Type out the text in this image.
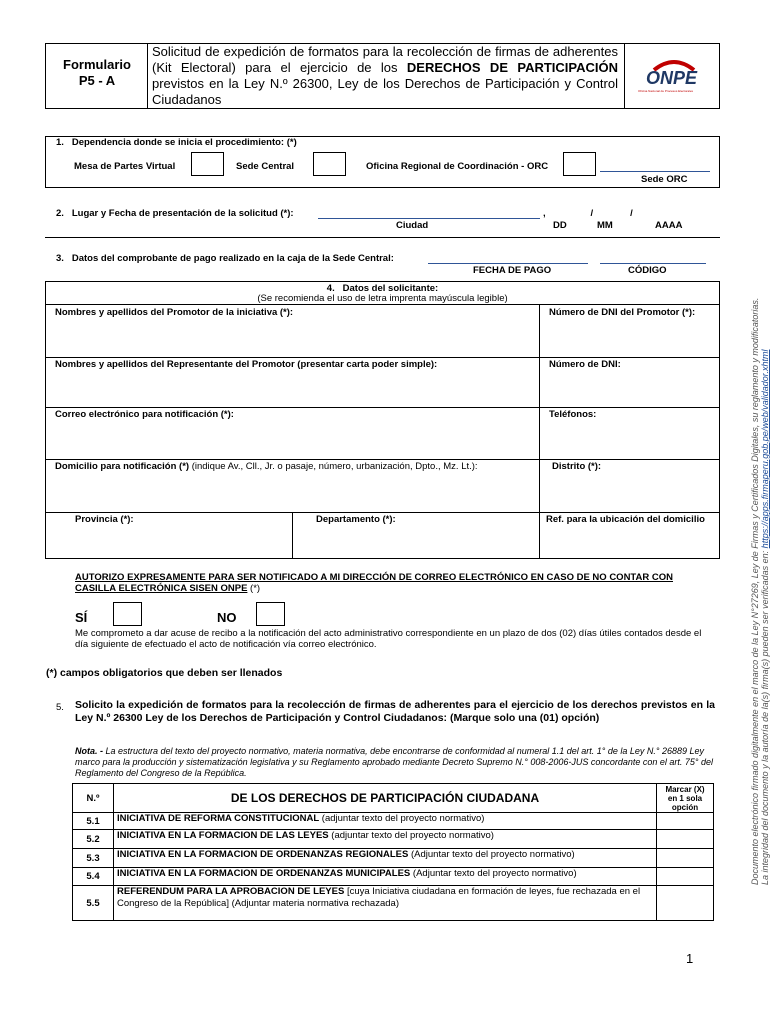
Formulario
P5 - A
Solicitud de expedición de formatos para la recolección de firmas de adherentes (Kit Electoral) para el ejercicio de los DERECHOS DE PARTICIPACIÓN previstos en la Ley N.º 26300, Ley de los Derechos de Participación y Control Ciudadanos
ONPE
Oficina Nacional de Procesos Electorales
1. Dependencia donde se inicia el procedimiento: (*)
Mesa de Partes Virtual	Sede Central	Oficina Regional de Coordinación - ORC
Sede ORC
2. Lugar y Fecha de presentación de la solicitud (*):	,                 /              /
Ciudad	DD	MM	AAAA
3. Datos del comprobante de pago realizado en la caja de la Sede Central:
FECHA DE PAGO	CÓDIGO
4. Datos del solicitante:
(Se recomienda el uso de letra imprenta mayúscula legible)
Nombres y apellidos del Promotor de la iniciativa (*):	Número de DNI del Promotor (*):
Nombres y apellidos del Representante del Promotor (presentar carta poder simple):	Número de DNI:
Correo electrónico para notificación (*):	Teléfonos:
Domicilio para notificación (*) (indique Av., Cll., Jr. o pasaje, número, urbanización, Dpto., Mz. Lt.):	Distrito (*):
Provincia (*):	Departamento (*):	Ref. para la ubicación del domicilio
AUTORIZO EXPRESAMENTE PARA SER NOTIFICADO A MI DIRECCIÓN DE CORREO ELECTRÓNICO EN CASO DE NO CONTAR CON CASILLA ELECTRÓNICA SISEN ONPE (*)
SÍ	NO
Me comprometo a dar acuse de recibo a la notificación del acto administrativo correspondiente en un plazo de dos (02) días útiles contados desde el día siguiente de efectuado el acto de notificación vía correo electrónico.
(*) campos obligatorios que deben ser llenados
5. Solicito la expedición de formatos para la recolección de firmas de adherentes para el ejercicio de los derechos previstos en la Ley N.º 26300 Ley de los Derechos de Participación y Control Ciudadanos: (Marque solo una (01) opción)
Nota. - La estructura del texto del proyecto normativo, materia normativa, debe encontrarse de conformidad al numeral 1.1 del art. 1° de la Ley N.° 26889 Ley marco para la producción y sistematización legislativa y su Reglamento aprobado mediante Decreto Supremo N.° 008-2006-JUS concordante con el art. 75° del Reglamento del Congreso de la República.
N.º	DE LOS DERECHOS DE PARTICIPACIÓN CIUDADANA	Marcar (X) en 1 sola opción
5.1	INICIATIVA DE REFORMA CONSTITUCIONAL (adjuntar texto del proyecto normativo)	
5.2	INICIATIVA EN LA FORMACION DE LAS LEYES (adjuntar texto del proyecto normativo)	
5.3	INICIATIVA EN LA FORMACION DE ORDENANZAS REGIONALES (Adjuntar texto del proyecto normativo)	
5.4	INICIATIVA EN LA FORMACION DE ORDENANZAS MUNICIPALES (Adjuntar texto del proyecto normativo)	
5.5	REFERENDUM PARA LA APROBACION DE LEYES [cuya Iniciativa ciudadana en formación de leyes, fue rechazada en el Congreso de la República] (Adjuntar materia normativa rechazada)	
1
Documento electrónico firmado digitalmente en el marco de la Ley N°27269, Ley de Firmas y Certificados Digitales, su reglamento y modificatorias. La integridad del documento y la autoría de la(s) firma(s) pueden ser verificadas en: https://apps.firmaperu.gob.pe/web/validador.xhtml
